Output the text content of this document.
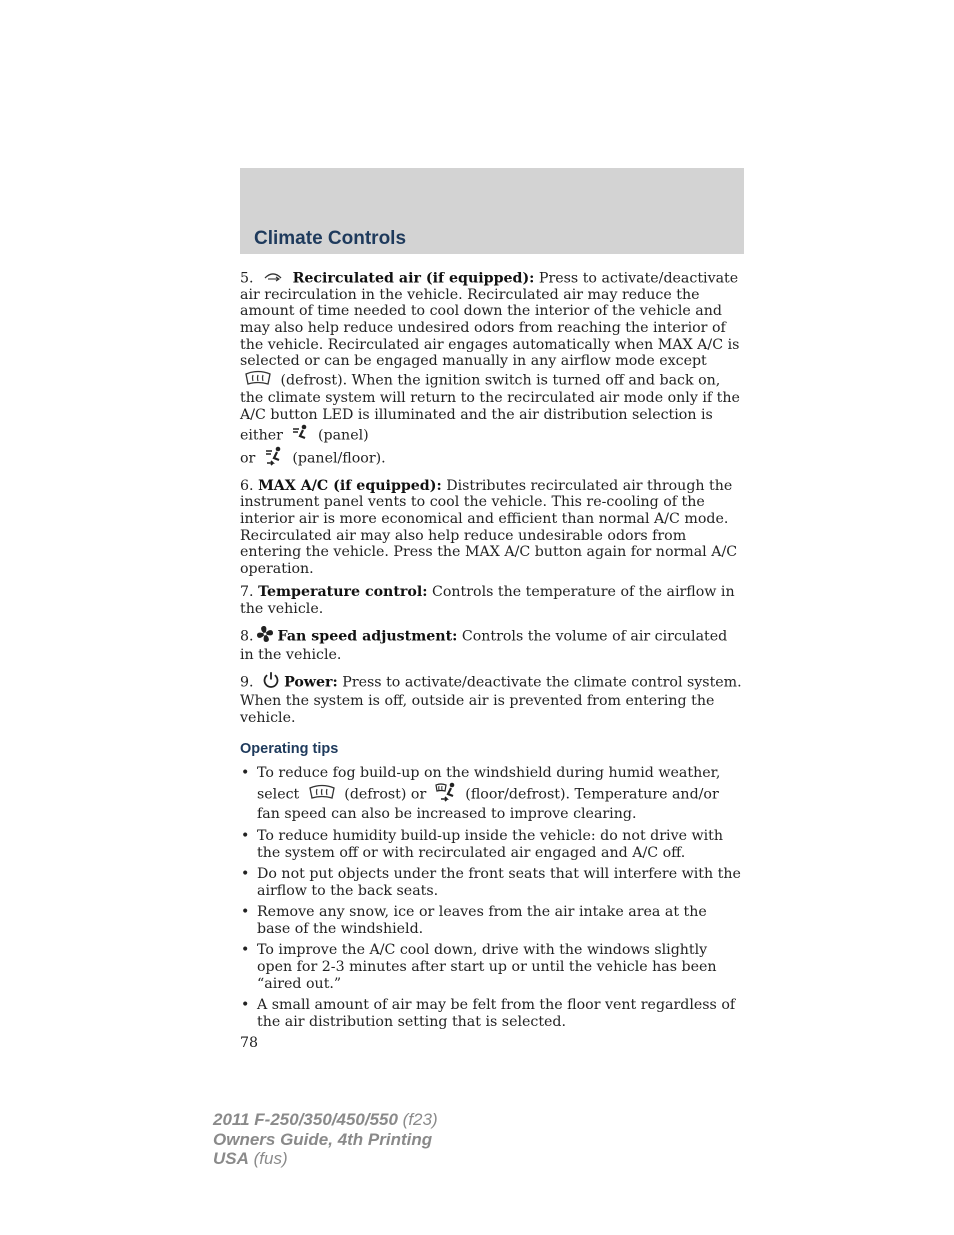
Climate Controls

5.	Recirculated air (if equipped): Press to activate/deactivate air recirculation in the vehicle. Recirculated air may reduce the amount of time needed to cool down the interior of the vehicle and may also help reduce undesired odors from reaching the interior of the vehicle. Recirculated air engages automatically when MAX A/C is selected or can be engaged manually in any airflow mode except  (defrost). When the ignition switch is turned off and back on, the climate system will return to the recirculated air mode only if the A/C button LED is illuminated and the air distribution selection is either (panel)
or	(panel/floor).

6. MAX A/C (if equipped): Distributes recirculated air through the instrument panel vents to cool the vehicle. This re-cooling of the interior air is more economical and efficient than normal A/C mode. Recirculated air may also help reduce undesirable odors from entering the vehicle. Press the MAX A/C button again for normal A/C operation.

7. Temperature control: Controls the temperature of the airflow in the vehicle.

8. Fan speed adjustment: Controls the volume of air circulated in the vehicle.

9. Power: Press to activate/deactivate the climate control system. When the system is off, outside air is prevented from entering the vehicle.

Operating tips
• To reduce fog build-up on the windshield during humid weather, select	(defrost) or	(floor/defrost). Temperature and/or fan speed can also be increased to improve clearing.
• To reduce humidity build-up inside the vehicle: do not drive with the system off or with recirculated air engaged and A/C off.
• Do not put objects under the front seats that will interfere with the airflow to the back seats.
• Remove any snow, ice or leaves from the air intake area at the base of the windshield.
• To improve the A/C cool down, drive with the windows slightly open for 2-3 minutes after start up or until the vehicle has been “aired out.”
• A small amount of air may be felt from the floor vent regardless of the air distribution setting that is selected.
78
2011 F-250/350/450/550 (f23)
Owners Guide, 4th Printing
USA (fus)
